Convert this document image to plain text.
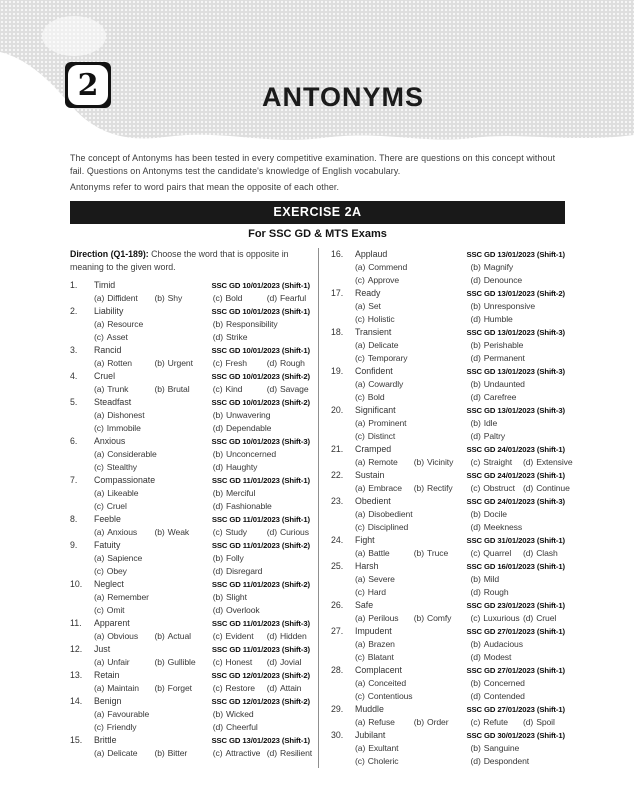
2	ANTONYMS

The concept of Antonyms has been tested in every competitive examination. There are questions on this concept without fail. Questions on Antonyms test the candidate's knowledge of English vocabulary.

Antonyms refer to word pairs that mean the opposite of each other.

EXERCISE 2A
For SSC GD & MTS Exams
Direction (Q1-189): Choose the word that is opposite in meaning to the given word.
1.	Timid	SSC GD 10/01/2023 (Shift-1)
(a) Diffident	(b) Shy	(c) Bold	(d) Fearful
2.	Liability	SSC GD 10/01/2023 (Shift-1)
(a) Resource	(b) Responsibility
(c) Asset	(d) Strike
3.	Rancid	SSC GD 10/01/2023 (Shift-1)
(a) Rotten	(b) Urgent	(c) Fresh	(d) Rough
4.	Cruel	SSC GD 10/01/2023 (Shift-2)
(a) Trunk	(b) Brutal	(c) Kind	(d) Savage
5.	Steadfast	SSC GD 10/01/2023 (Shift-2)
(a) Dishonest	(b) Unwavering
(c) Immobile	(d) Dependable
6.	Anxious	SSC GD 10/01/2023 (Shift-3)
(a) Considerable	(b) Unconcerned
(c) Stealthy	(d) Haughty
7.	Compassionate	SSC GD 11/01/2023 (Shift-1)
(a) Likeable	(b) Merciful
(c) Cruel	(d) Fashionable
8.	Feeble	SSC GD 11/01/2023 (Shift-1)
(a) Anxious	(b) Weak	(c) Study	(d) Curious
9.	Fatuity	SSC GD 11/01/2023 (Shift-2)
(a) Sapience	(b) Folly
(c) Obey	(d) Disregard
10.	Neglect	SSC GD 11/01/2023 (Shift-2)
(a) Remember	(b) Slight
(c) Omit	(d) Overlook
11.	Apparent	SSC GD 11/01/2023 (Shift-3)
(a) Obvious	(b) Actual	(c) Evident	(d) Hidden
12.	Just	SSC GD 11/01/2023 (Shift-3)
(a) Unfair	(b) Gullible	(c) Honest	(d) Jovial
13.	Retain	SSC GD 12/01/2023 (Shift-2)
(a) Maintain	(b) Forget	(c) Restore	(d) Attain
14.	Benign	SSC GD 12/01/2023 (Shift-2)
(a) Favourable	(b) Wicked
(c) Friendly	(d) Cheerful
15.	Brittle	SSC GD 13/01/2023 (Shift-1)
(a) Delicate	(b) Bitter	(c) Attractive (d) Resilient
16.	Applaud	SSC GD 13/01/2023 (Shift-1)
(a) Commend	(b) Magnify
(c) Approve	(d) Denounce
17.	Ready	SSC GD 13/01/2023 (Shift-2)
(a) Set	(b) Unresponsive
(c) Holistic	(d) Humble
18.	Transient	SSC GD 13/01/2023 (Shift-3)
(a) Delicate	(b) Perishable
(c) Temporary	(d) Permanent
19.	Confident	SSC GD 13/01/2023 (Shift-3)
(a) Cowardly	(b) Undaunted
(c) Bold	(d) Carefree
20.	Significant	SSC GD 13/01/2023 (Shift-3)
(a) Prominent	(b) Idle
(c) Distinct	(d) Paltry
21.	Cramped	SSC GD 24/01/2023 (Shift-1)
(a) Remote	(b) Vicinity	(c) Straight	(d) Extensive
22.	Sustain	SSC GD 24/01/2023 (Shift-1)
(a) Embrace	(b) Rectify	(c) Obstruct (d) Continue
23.	Obedient	SSC GD 24/01/2023 (Shift-3)
(a) Disobedient	(b) Docile
(c) Disciplined	(d) Meekness
24.	Fight	SSC GD 31/01/2023 (Shift-1)
(a) Battle	(b) Truce	(c) Quarrel	(d) Clash
25.	Harsh	SSC GD 16/01/2023 (Shift-1)
(a) Severe	(b) Mild
(c) Hard	(d) Rough
26.	Safe	SSC GD 23/01/2023 (Shift-1)
(a) Perilous	(b) Comfy	(c) Luxurious (d) Cruel
27.	Impudent	SSC GD 27/01/2023 (Shift-1)
(a) Brazen	(b) Audacious
(c) Blatant	(d) Modest
28.	Complacent	SSC GD 27/01/2023 (Shift-1)
(a) Conceited	(b) Concerned
(c) Contentious	(d) Contended
29.	Muddle	SSC GD 27/01/2023 (Shift-1)
(a) Refuse	(b) Order	(c) Refute	(d) Spoil
30.	Jubilant	SSC GD 30/01/2023 (Shift-1)
(a) Exultant	(b) Sanguine
(c) Choleric	(d) Despondent
